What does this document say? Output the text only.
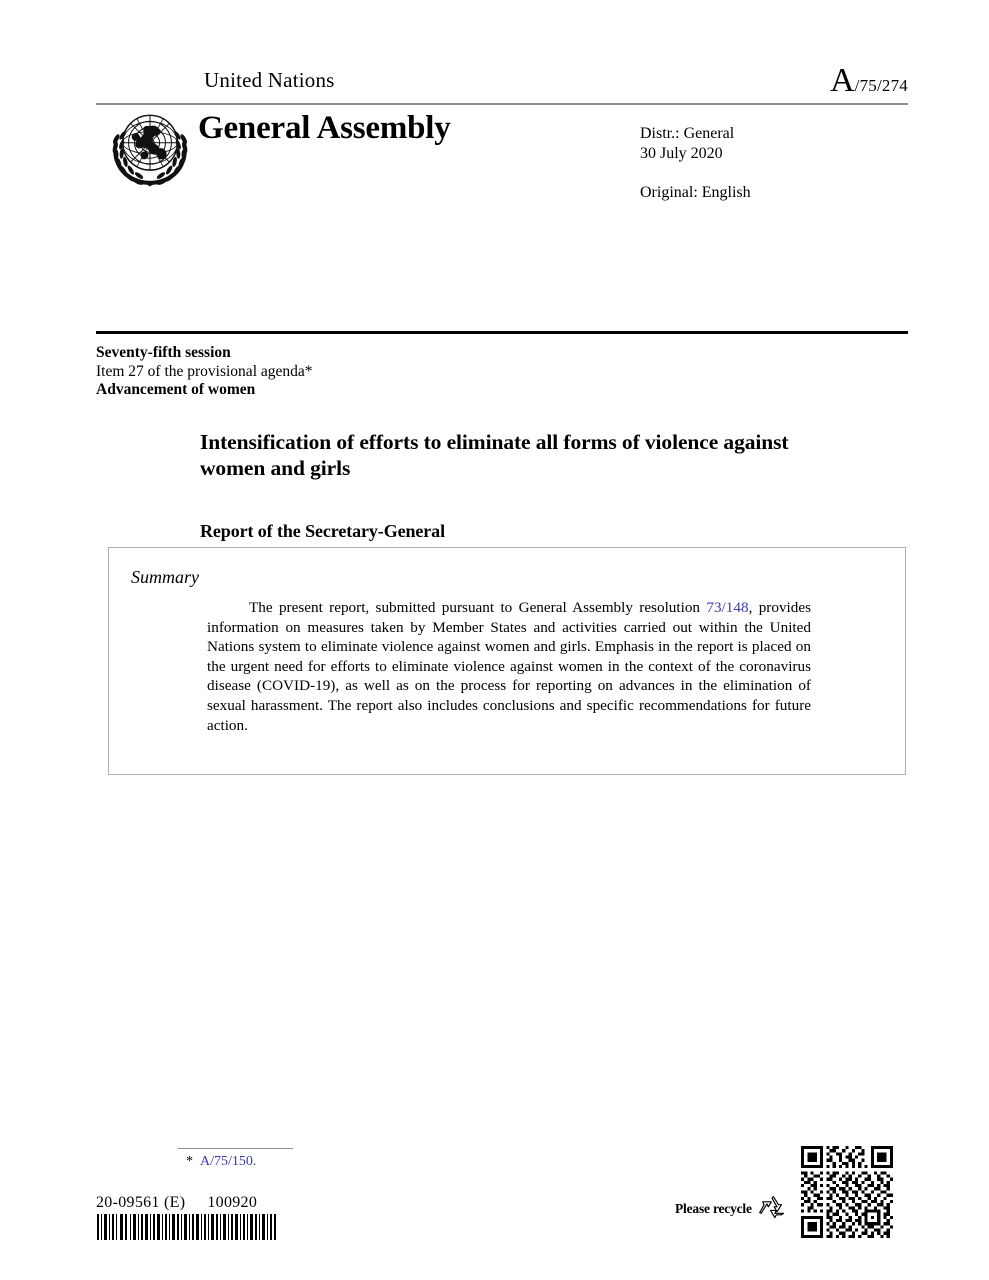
United Nations	A/75/274
General Assembly	Distr.: General
30 July 2020
Original: English
Seventy-fifth session
Item 27 of the provisional agenda*
Advancement of women
Intensification of efforts to eliminate all forms of violence against women and girls
Report of the Secretary-General
Summary

The present report, submitted pursuant to General Assembly resolution 73/148, provides information on measures taken by Member States and activities carried out within the United Nations system to eliminate violence against women and girls. Emphasis in the report is placed on the urgent need for efforts to eliminate violence against women in the context of the coronavirus disease (COVID-19), as well as on the process for reporting on advances in the elimination of sexual harassment. The report also includes conclusions and specific recommendations for future action.

* A/75/150.
20-09561 (E) 100920	Please recycle
